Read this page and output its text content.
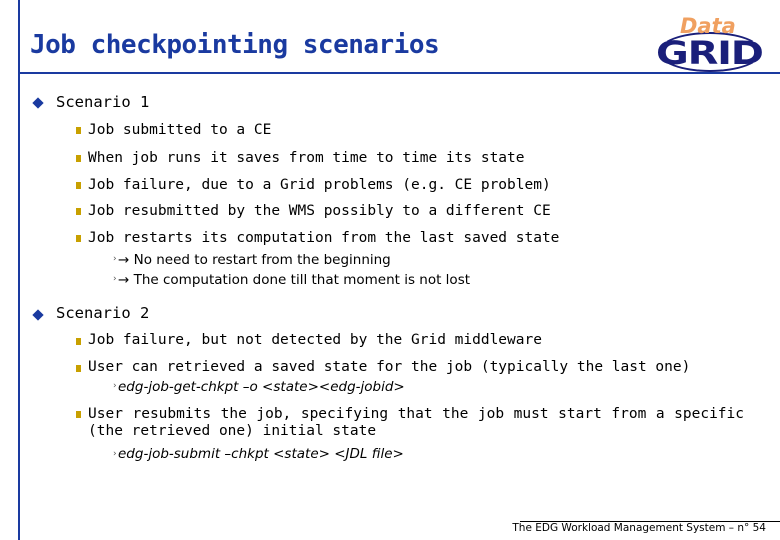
Job checkpointing scenarios
Data
GRID
Scenario 1
Job submitted to a CE
When job runs it saves from time to time its state
Job failure, due to a Grid problems (e.g. CE problem)
Job resubmitted by the WMS possibly to a different CE
Job restarts its computation from the last saved state
› → No need to restart from the beginning
› → The computation done till that moment is not lost
Scenario 2
Job failure, but not detected by the Grid middleware
User can retrieved a saved state for the job (typically the last one)
› edg-job-get-chkpt –o <state><edg-jobid>
User resubmits the job, specifying that the job must start from a specific (the retrieved one) initial state
› edg-job-submit –chkpt <state> <JDL file>
The EDG Workload Management System – n° 54
